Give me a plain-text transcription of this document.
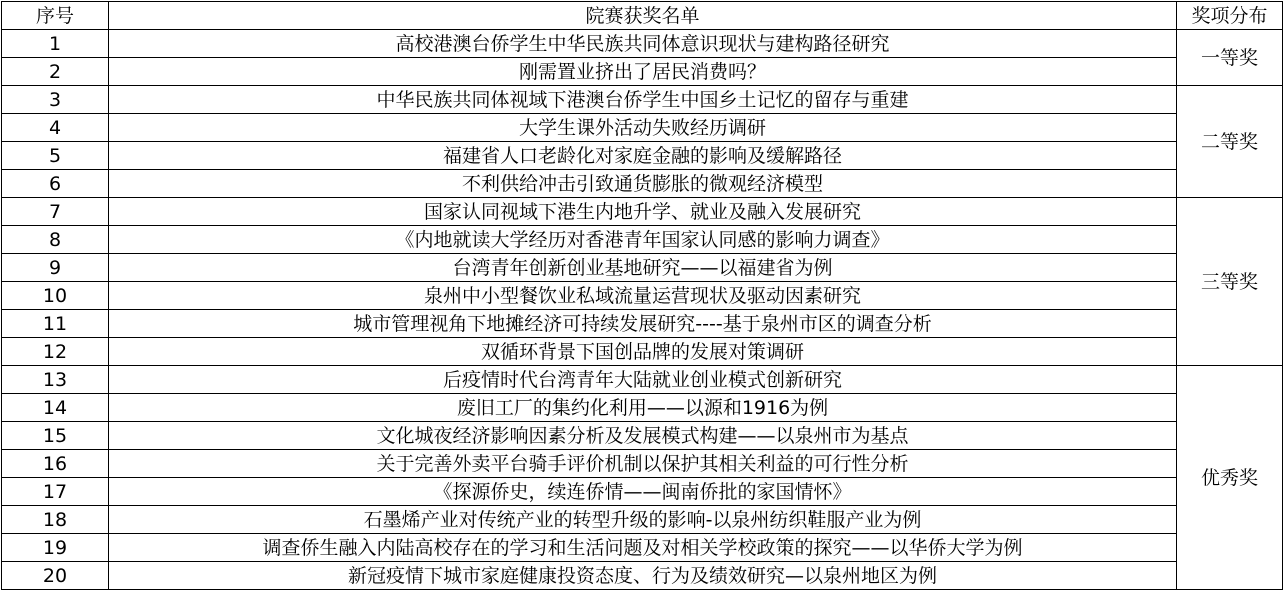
序号	院赛获奖名单	奖项分布
1	高校港澳台侨学生中华民族共同体意识现状与建构路径研究	一等奖
2	刚需置业挤出了居民消费吗？	
3	中华民族共同体视域下港澳台侨学生中国乡土记忆的留存与重建	二等奖
4	大学生课外活动失败经历调研	
5	福建省人口老龄化对家庭金融的影响及缓解路径	
6	不利供给冲击引致通货膨胀的微观经济模型	
7	国家认同视域下港生内地升学、就业及融入发展研究	三等奖
8	《内地就读大学经历对香港青年国家认同感的影响力调查》	
9	台湾青年创新创业基地研究——以福建省为例	
10	泉州中小型餐饮业私域流量运营现状及驱动因素研究	
11	城市管理视角下地摊经济可持续发展研究----基于泉州市区的调查分析	
12	双循环背景下国创品牌的发展对策调研	
13	后疫情时代台湾青年大陆就业创业模式创新研究	优秀奖
14	废旧工厂的集约化利用——以源和1916为例	
15	文化城夜经济影响因素分析及发展模式构建——以泉州市为基点	
16	关于完善外卖平台骑手评价机制以保护其相关利益的可行性分析	
17	《探源侨史，续连侨情——闽南侨批的家国情怀》	
18	石墨烯产业对传统产业的转型升级的影响-以泉州纺织鞋服产业为例	
19	调查侨生融入内陆高校存在的学习和生活问题及对相关学校政策的探究——以华侨大学为例	
20	新冠疫情下城市家庭健康投资态度、行为及绩效研究—以泉州地区为例	
